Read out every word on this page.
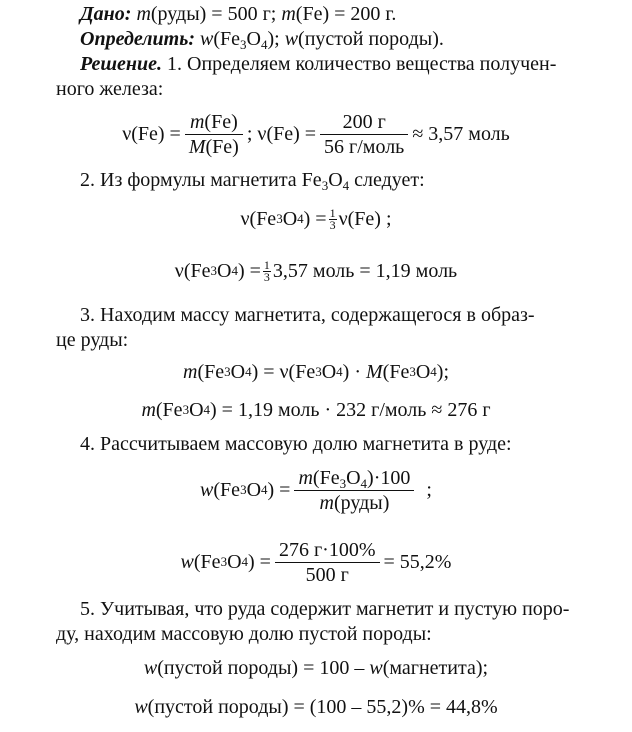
Дано: m(руды) = 500 г; m(Fe) = 200 г.
Определить: $w(Fe_3O_4)$; w(пустой породы).
Решение. 1. Определяем количество вещества получен-
ного железа:
$\nu(Fe) = \frac{m(Fe)}{M(Fe)}$ ; $\nu(Fe) = \frac{200 г}{\text{56 г/моль}} \approx 3,57$ моль
2. Из формулы магнетита $Fe_3O_4$ следует:
ν(Fe 3 O 4 ) = $\frac{1}{3} \nu(Fe)$ ;
ν(Fe 3 O 4 ) = $\frac{1}{3} 3,57$ моль = 1,19 моль
3. Находим массу магнетита, содержащегося в образ-
це руды:
m (Fe 3 O 4 ) = ν(Fe 3 O 4 ) · M (Fe 3 O 4 );
m (Fe 3 O 4 ) = 1,19 моль · 232 г/моль ≈ 276 г
4. Рассчитываем массовую долю магнетита в руде:
w (Fe 3 O 4 ) = $\frac{m(Fe_3O_4)\cdot 100}{\text{m(руды)}}$ ;
w (Fe 3 O 4 ) = $\frac{276 г\cdot 100\%}{500 г} = 55,2\%$
5. Учитывая, что руда содержит магнетит и пустую поро-
ду, находим массовую долю пустой породы:
w (пустой породы) = 100 – w (магнетита);
w (пустой породы) = (100 – 55,2)% = 44,8%
